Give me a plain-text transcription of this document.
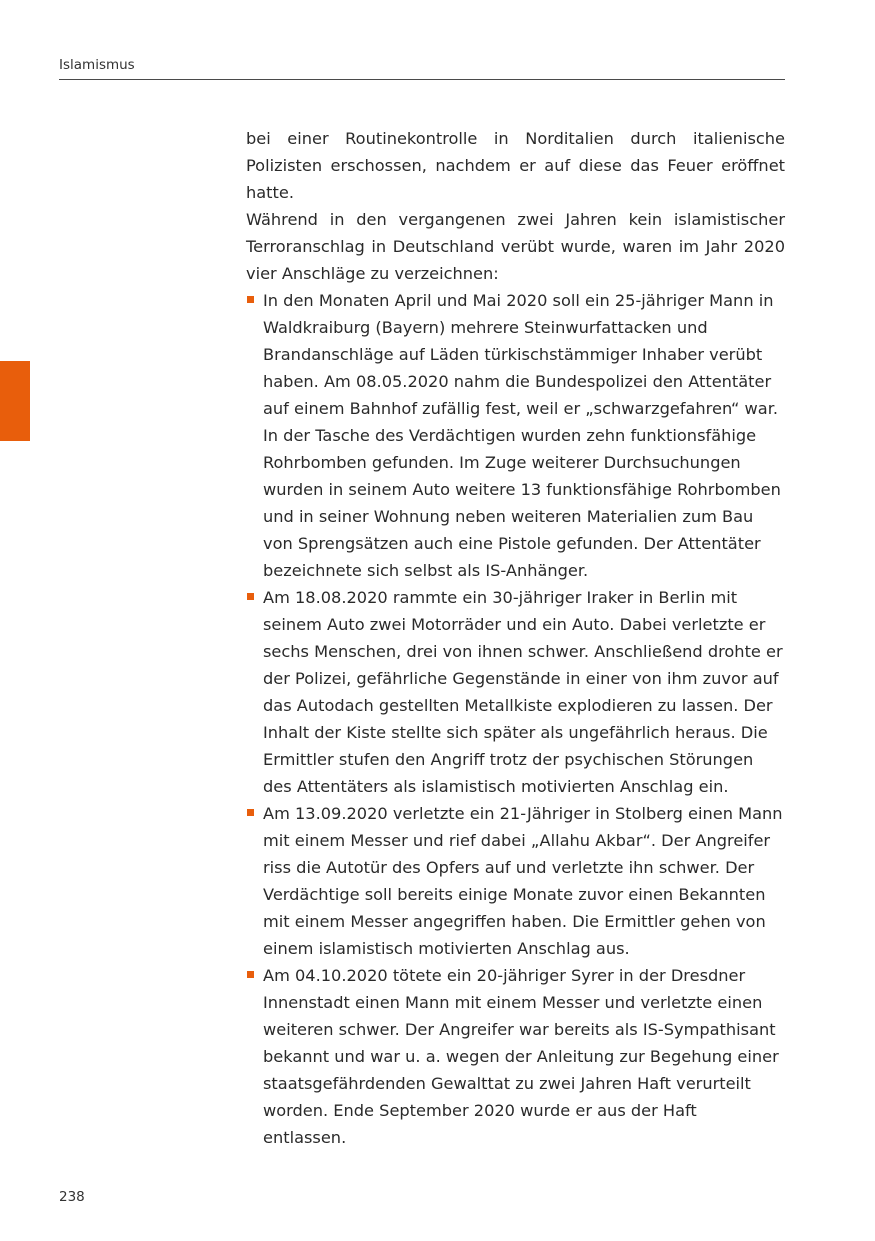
Islamismus

bei einer Routinekontrolle in Norditalien durch italienische Polizisten erschossen, nachdem er auf diese das Feuer eröffnet hatte.

Während in den vergangenen zwei Jahren kein islamistischer Terroranschlag in Deutschland verübt wurde, waren im Jahr 2020 vier Anschläge zu verzeichnen:

In den Monaten April und Mai 2020 soll ein 25-jähriger Mann in Waldkraiburg (Bayern) mehrere Steinwurfattacken und Brandanschläge auf Läden türkischstämmiger Inhaber verübt haben. Am 08.05.2020 nahm die Bundespolizei den Attentäter auf einem Bahnhof zufällig fest, weil er „schwarzgefahren“ war. In der Tasche des Verdächtigen wurden zehn funktionsfähige Rohrbomben gefunden. Im Zuge weiterer Durchsuchungen wurden in seinem Auto weitere 13 funktionsfähige Rohrbomben und in seiner Wohnung neben weiteren Materialien zum Bau von Sprengsätzen auch eine Pistole gefunden. Der Attentäter bezeichnete sich selbst als IS-Anhänger.
Am 18.08.2020 rammte ein 30-jähriger Iraker in Berlin mit seinem Auto zwei Motorräder und ein Auto. Dabei verletzte er sechs Menschen, drei von ihnen schwer. Anschließend drohte er der Polizei, gefährliche Gegenstände in einer von ihm zuvor auf das Autodach gestellten Metallkiste explodieren zu lassen. Der Inhalt der Kiste stellte sich später als ungefährlich heraus. Die Ermittler stufen den Angriff trotz der psychischen Störungen des Attentäters als islamistisch motivierten Anschlag ein.
Am 13.09.2020 verletzte ein 21-Jähriger in Stolberg einen Mann mit einem Messer und rief dabei „Allahu Akbar“. Der Angreifer riss die Autotür des Opfers auf und verletzte ihn schwer. Der Verdächtige soll bereits einige Monate zuvor einen Bekannten mit einem Messer angegriffen haben. Die Ermittler gehen von einem islamistisch motivierten Anschlag aus.
Am 04.10.2020 tötete ein 20-jähriger Syrer in der Dresdner Innenstadt einen Mann mit einem Messer und verletzte einen weiteren schwer. Der Angreifer war bereits als IS-Sympathisant bekannt und war u. a. wegen der Anleitung zur Begehung einer staatsgefährdenden Gewalttat zu zwei Jahren Haft verurteilt worden. Ende September 2020 wurde er aus der Haft entlassen.
238
